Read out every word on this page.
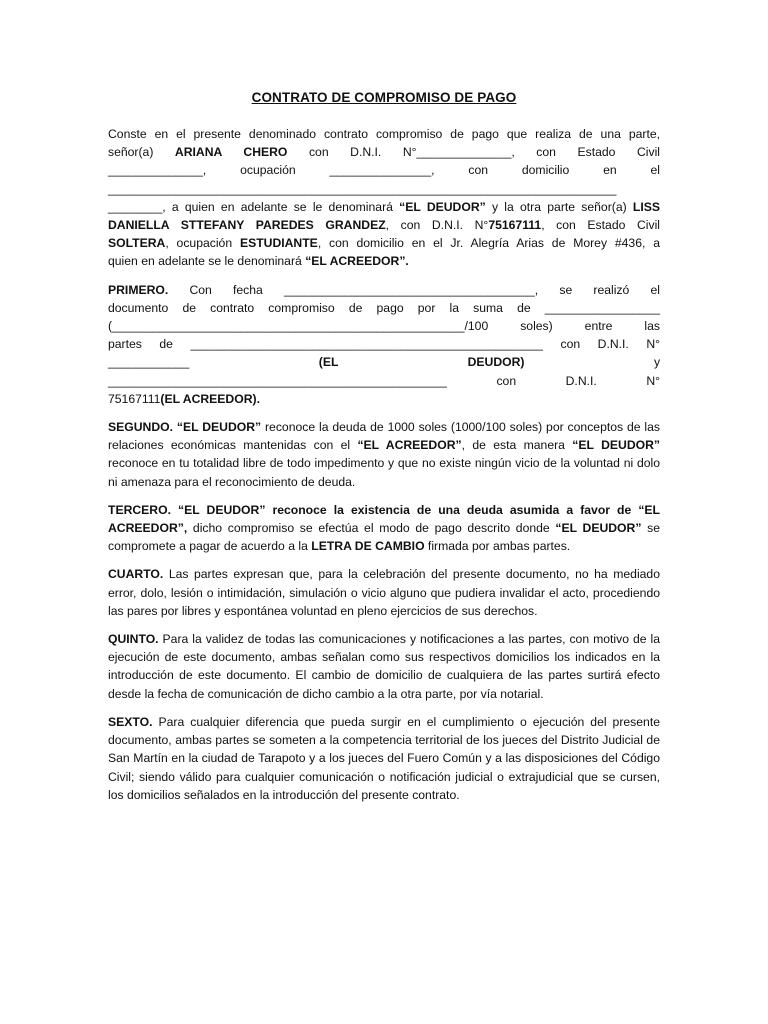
CONTRATO DE COMPROMISO DE PAGO

Conste en el presente denominado contrato compromiso de pago que realiza de una parte,
señor(a) ARIANA CHERO con D.N.I. N°______________, con Estado Civil
______________, ocupación _______________, con domicilio en el
___________________________________________________________________________
________, a quien en adelante se le denominará “EL DEUDOR” y la otra parte señor(a) LISS
DANIELLA STTEFANY PAREDES GRANDEZ, con D.N.I. N°75167111, con Estado Civil
SOLTERA, ocupación ESTUDIANTE, con domicilio en el Jr. Alegría Arias de Morey #436, a
quien en adelante se le denominará “EL ACREEDOR”.

PRIMERO. Con fecha _____________________________________, se realizó el
documento de contrato compromiso de pago por la suma de _________________
(____________________________________________________/100 soles) entre las
partes de ____________________________________________________ con D.N.I. N°
____________	(EL DEUDOR)	y
__________________________________________________ con D.N.I. N°
75167111(EL ACREEDOR).

SEGUNDO. “EL DEUDOR” reconoce la deuda de 1000 soles (1000/100 soles) por conceptos de las relaciones económicas mantenidas con el “EL ACREEDOR”, de esta manera “EL DEUDOR” reconoce en tu totalidad libre de todo impedimento y que no existe ningún vicio de la voluntad ni dolo ni amenaza para el reconocimiento de deuda.

TERCERO. “EL DEUDOR” reconoce la existencia de una deuda asumida a favor de “EL ACREEDOR”, dicho compromiso se efectúa el modo de pago descrito donde “EL DEUDOR” se compromete a pagar de acuerdo a la LETRA DE CAMBIO firmada por ambas partes.

CUARTO. Las partes expresan que, para la celebración del presente documento, no ha mediado error, dolo, lesión o intimidación, simulación o vicio alguno que pudiera invalidar el acto, procediendo las pares por libres y espontánea voluntad en pleno ejercicios de sus derechos.

QUINTO. Para la validez de todas las comunicaciones y notificaciones a las partes, con motivo de la ejecución de este documento, ambas señalan como sus respectivos domicilios los indicados en la introducción de este documento. El cambio de domicilio de cualquiera de las partes surtirá efecto desde la fecha de comunicación de dicho cambio a la otra parte, por vía notarial.

SEXTO. Para cualquier diferencia que pueda surgir en el cumplimiento o ejecución del presente documento, ambas partes se someten a la competencia territorial de los jueces del Distrito Judicial de San Martín en la ciudad de Tarapoto y a los jueces del Fuero Común y a las disposiciones del Código Civil; siendo válido para cualquier comunicación o notificación judicial o extrajudicial que se cursen, los domicilios señalados en la introducción del presente contrato.
